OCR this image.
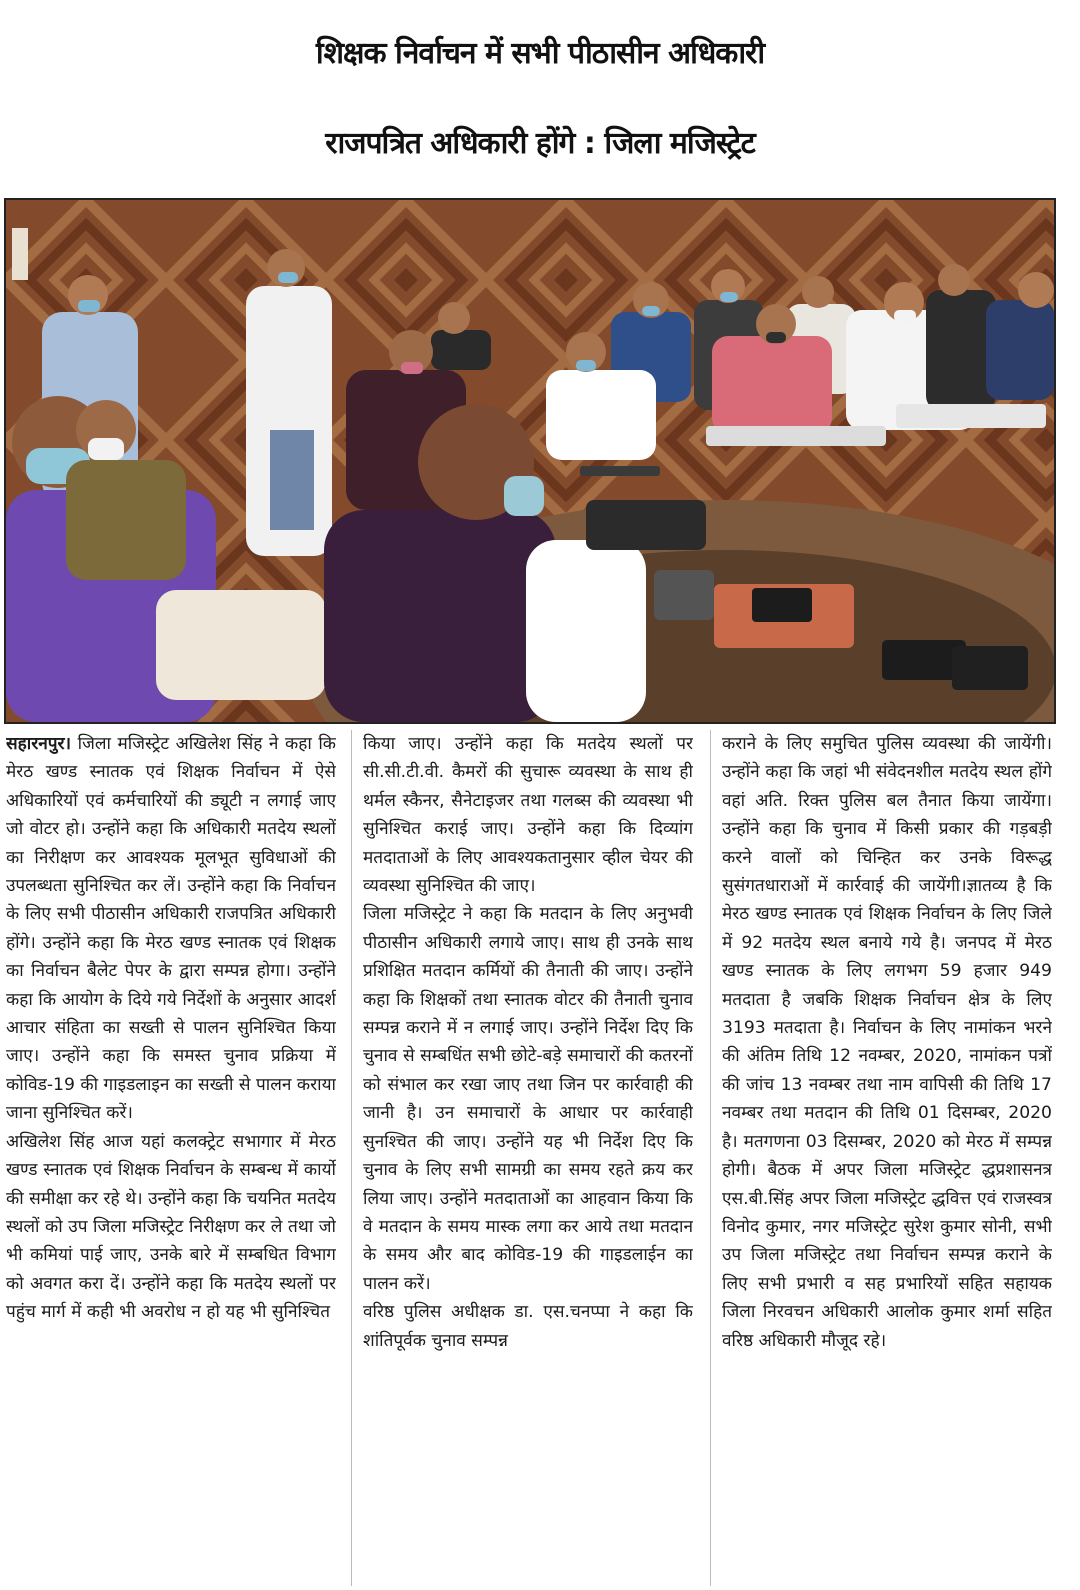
शिक्षक निर्वाचन में सभी पीठासीन अधिकारी
राजपत्रित अधिकारी होंगे : जिला मजिस्ट्रेट

सहारनपुर। जिला मजिस्ट्रेट अखिलेश सिंह ने कहा कि मेरठ खण्ड स्नातक एवं शिक्षक निर्वाचन में ऐसे अधिकारियों एवं कर्मचारियों की ड्यूटी न लगाई जाए जो वोटर हो। उन्होंने कहा कि अधिकारी मतदेय स्थलों का निरीक्षण कर आवश्यक मूलभूत सुविधाओं की उपलब्धता सुनिश्चित कर लें। उन्होंने कहा कि निर्वाचन के लिए सभी पीठासीन अधिकारी राजपत्रित अधिकारी होंगे। उन्होंने कहा कि मेरठ खण्ड स्नातक एवं शिक्षक का निर्वाचन बैलेट पेपर के द्वारा सम्पन्न होगा। उन्होंने कहा कि आयोग के दिये गये निर्देशों के अनुसार आदर्श आचार संहिता का सख्ती से पालन सुनिश्चित किया जाए। उन्होंने कहा कि समस्त चुनाव प्रक्रिया में कोविड-19 की गाइडलाइन का सख्ती से पालन कराया जाना सुनिश्चित करें।

अखिलेश सिंह आज यहां कलक्ट्रेट सभागार में मेरठ खण्ड स्नातक एवं शिक्षक निर्वाचन के सम्बन्ध में कार्यो की समीक्षा कर रहे थे। उन्होंने कहा कि चयनित मतदेय स्थलों को उप जिला मजिस्ट्रेट निरीक्षण कर ले तथा जो भी कमियां पाई जाए, उनके बारे में सम्बधित विभाग को अवगत करा दें। उन्होंने कहा कि मतदेय स्थलों पर पहुंच मार्ग में कही भी अवरोध न हो यह भी सुनिश्चित

किया जाए। उन्होंने कहा कि मतदेय स्थलों पर सी.सी.टी.वी. कैमरों की सुचारू व्यवस्था के साथ ही थर्मल स्कैनर, सैनेटाइजर तथा गलब्स की व्यवस्था भी सुनिश्चित कराई जाए। उन्होंने कहा कि दिव्यांग मतदाताओं के लिए आवश्यकतानुसार व्हील चेयर की व्यवस्था सुनिश्चित की जाए।

जिला मजिस्ट्रेट ने कहा कि मतदान के लिए अनुभवी पीठासीन अधिकारी लगाये जाए। साथ ही उनके साथ प्रशिक्षित मतदान कर्मियों की तैनाती की जाए। उन्होंने कहा कि शिक्षकों तथा स्नातक वोटर की तैनाती चुनाव सम्पन्न कराने में न लगाई जाए। उन्होंने निर्देश दिए कि चुनाव से सम्बधिंत सभी छोटे-बड़े समाचारों की कतरनों को संभाल कर रखा जाए तथा जिन पर कार्रवाही की जानी है। उन समाचारों के आधार पर कार्रवाही सुनश्चित की जाए। उन्होंने यह भी निर्देश दिए कि चुनाव के लिए सभी सामग्री का समय रहते क्रय कर लिया जाए। उन्होंने मतदाताओं का आहवान किया कि वे मतदान के समय मास्क लगा कर आये तथा मतदान के समय और बाद कोविड-19 की गाइडलाईन का पालन करें।

वरिष्ठ पुलिस अधीक्षक डा. एस.चनप्पा ने कहा कि शांतिपूर्वक चुनाव सम्पन्न

कराने के लिए समुचित पुलिस व्यवस्था की जायेंगी। उन्होंने कहा कि जहां भी संवेदनशील मतदेय स्थल होंगे वहां अति. रिक्त पुलिस बल तैनात किया जायेंगा। उन्होंने कहा कि चुनाव में किसी प्रकार की गड़बड़ी करने वालों को चिन्हित कर उनके विरूद्ध सुसंगतधाराओं में कार्रवाई की जायेंगी।ज्ञातव्य है कि मेरठ खण्ड स्नातक एवं शिक्षक निर्वाचन के लिए जिले में 92 मतदेय स्थल बनाये गये है। जनपद में मेरठ खण्ड स्नातक के लिए लगभग 59 हजार 949 मतदाता है जबकि शिक्षक निर्वाचन क्षेत्र के लिए 3193 मतदाता है। निर्वाचन के लिए नामांकन भरने की अंतिम तिथि 12 नवम्बर, 2020, नामांकन पत्रों की जांच 13 नवम्बर तथा नाम वापिसी की तिथि 17 नवम्बर तथा मतदान की तिथि 01 दिसम्बर, 2020 है। मतगणना 03 दिसम्बर, 2020 को मेरठ में सम्पन्न होगी। बैठक में अपर जिला मजिस्ट्रेट द्धप्रशासनत्र एस.बी.सिंह अपर जिला मजिस्ट्रेट द्धवित्त एवं राजस्वत्र विनोद कुमार, नगर मजिस्ट्रेट सुरेश कुमार सोनी, सभी उप जिला मजिस्ट्रेट तथा निर्वाचन सम्पन्न कराने के लिए सभी प्रभारी व सह प्रभारियों सहित सहायक जिला निरवचन अधिकारी आलोक कुमार शर्मा सहित वरिष्ठ अधिकारी मौजूद रहे।
